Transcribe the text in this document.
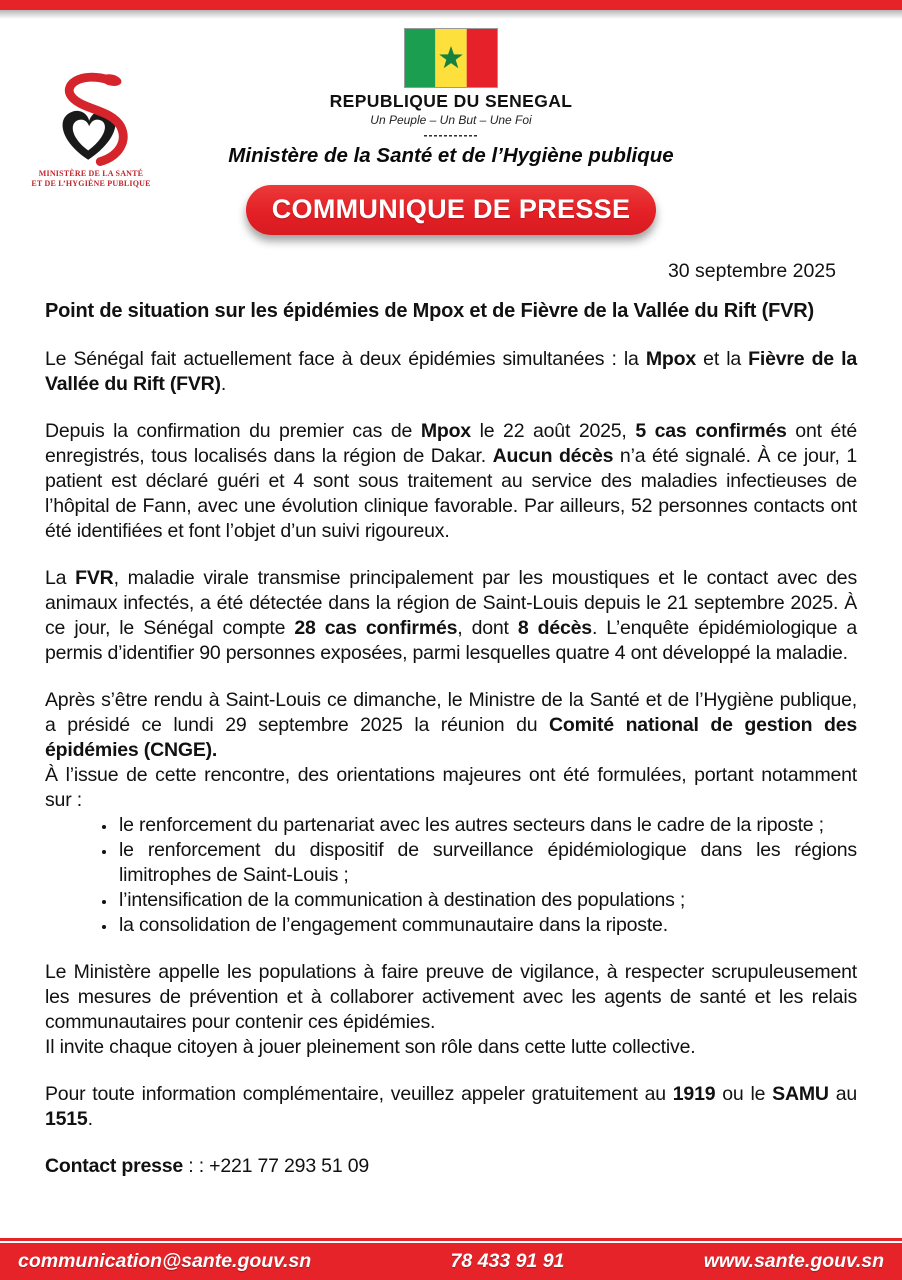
MINISTÈRE DE LA SANTÉ
ET DE L’HYGIÈNE PUBLIQUE
REPUBLIQUE DU SENEGAL
Un Peuple – Un But – Une Foi
-----------
Ministère de la Santé et de l’Hygiène publique
COMMUNIQUE DE PRESSE
30 septembre 2025
Point de situation sur les épidémies de Mpox et de Fièvre de la Vallée du Rift (FVR)

Le Sénégal fait actuellement face à deux épidémies simultanées : la Mpox et la Fièvre de la Vallée du Rift (FVR).

Depuis la confirmation du premier cas de Mpox le 22 août 2025, 5 cas confirmés ont été enregistrés, tous localisés dans la région de Dakar. Aucun décès n’a été signalé. À ce jour, 1 patient est déclaré guéri et 4 sont sous traitement au service des maladies infectieuses de l’hôpital de Fann, avec une évolution clinique favorable. Par ailleurs, 52 personnes contacts ont été identifiées et font l’objet d’un suivi rigoureux.

La FVR, maladie virale transmise principalement par les moustiques et le contact avec des animaux infectés, a été détectée dans la région de Saint-Louis depuis le 21 septembre 2025. À ce jour, le Sénégal compte 28 cas confirmés, dont 8 décès. L’enquête épidémiologique a permis d’identifier 90 personnes exposées, parmi lesquelles quatre 4 ont développé la maladie.

Après s’être rendu à Saint-Louis ce dimanche, le Ministre de la Santé et de l’Hygiène publique, a présidé ce lundi 29 septembre 2025 la réunion du Comité national de gestion des épidémies (CNGE).

À l’issue de cette rencontre, des orientations majeures ont été formulées, portant notamment sur :

• le renforcement du partenariat avec les autres secteurs dans le cadre de la riposte ;
• le renforcement du dispositif de surveillance épidémiologique dans les régions limitrophes de Saint-Louis ;
• l’intensification de la communication à destination des populations ;
• la consolidation de l’engagement communautaire dans la riposte.

Le Ministère appelle les populations à faire preuve de vigilance, à respecter scrupuleusement les mesures de prévention et à collaborer activement avec les agents de santé et les relais communautaires pour contenir ces épidémies.

Il invite chaque citoyen à jouer pleinement son rôle dans cette lutte collective.

Pour toute information complémentaire, veuillez appeler gratuitement au 1919 ou le SAMU au 1515.

Contact presse : : +221 77 293 51 09

communication@sante.gouv.sn	78 433 91 91	www.sante.gouv.sn
